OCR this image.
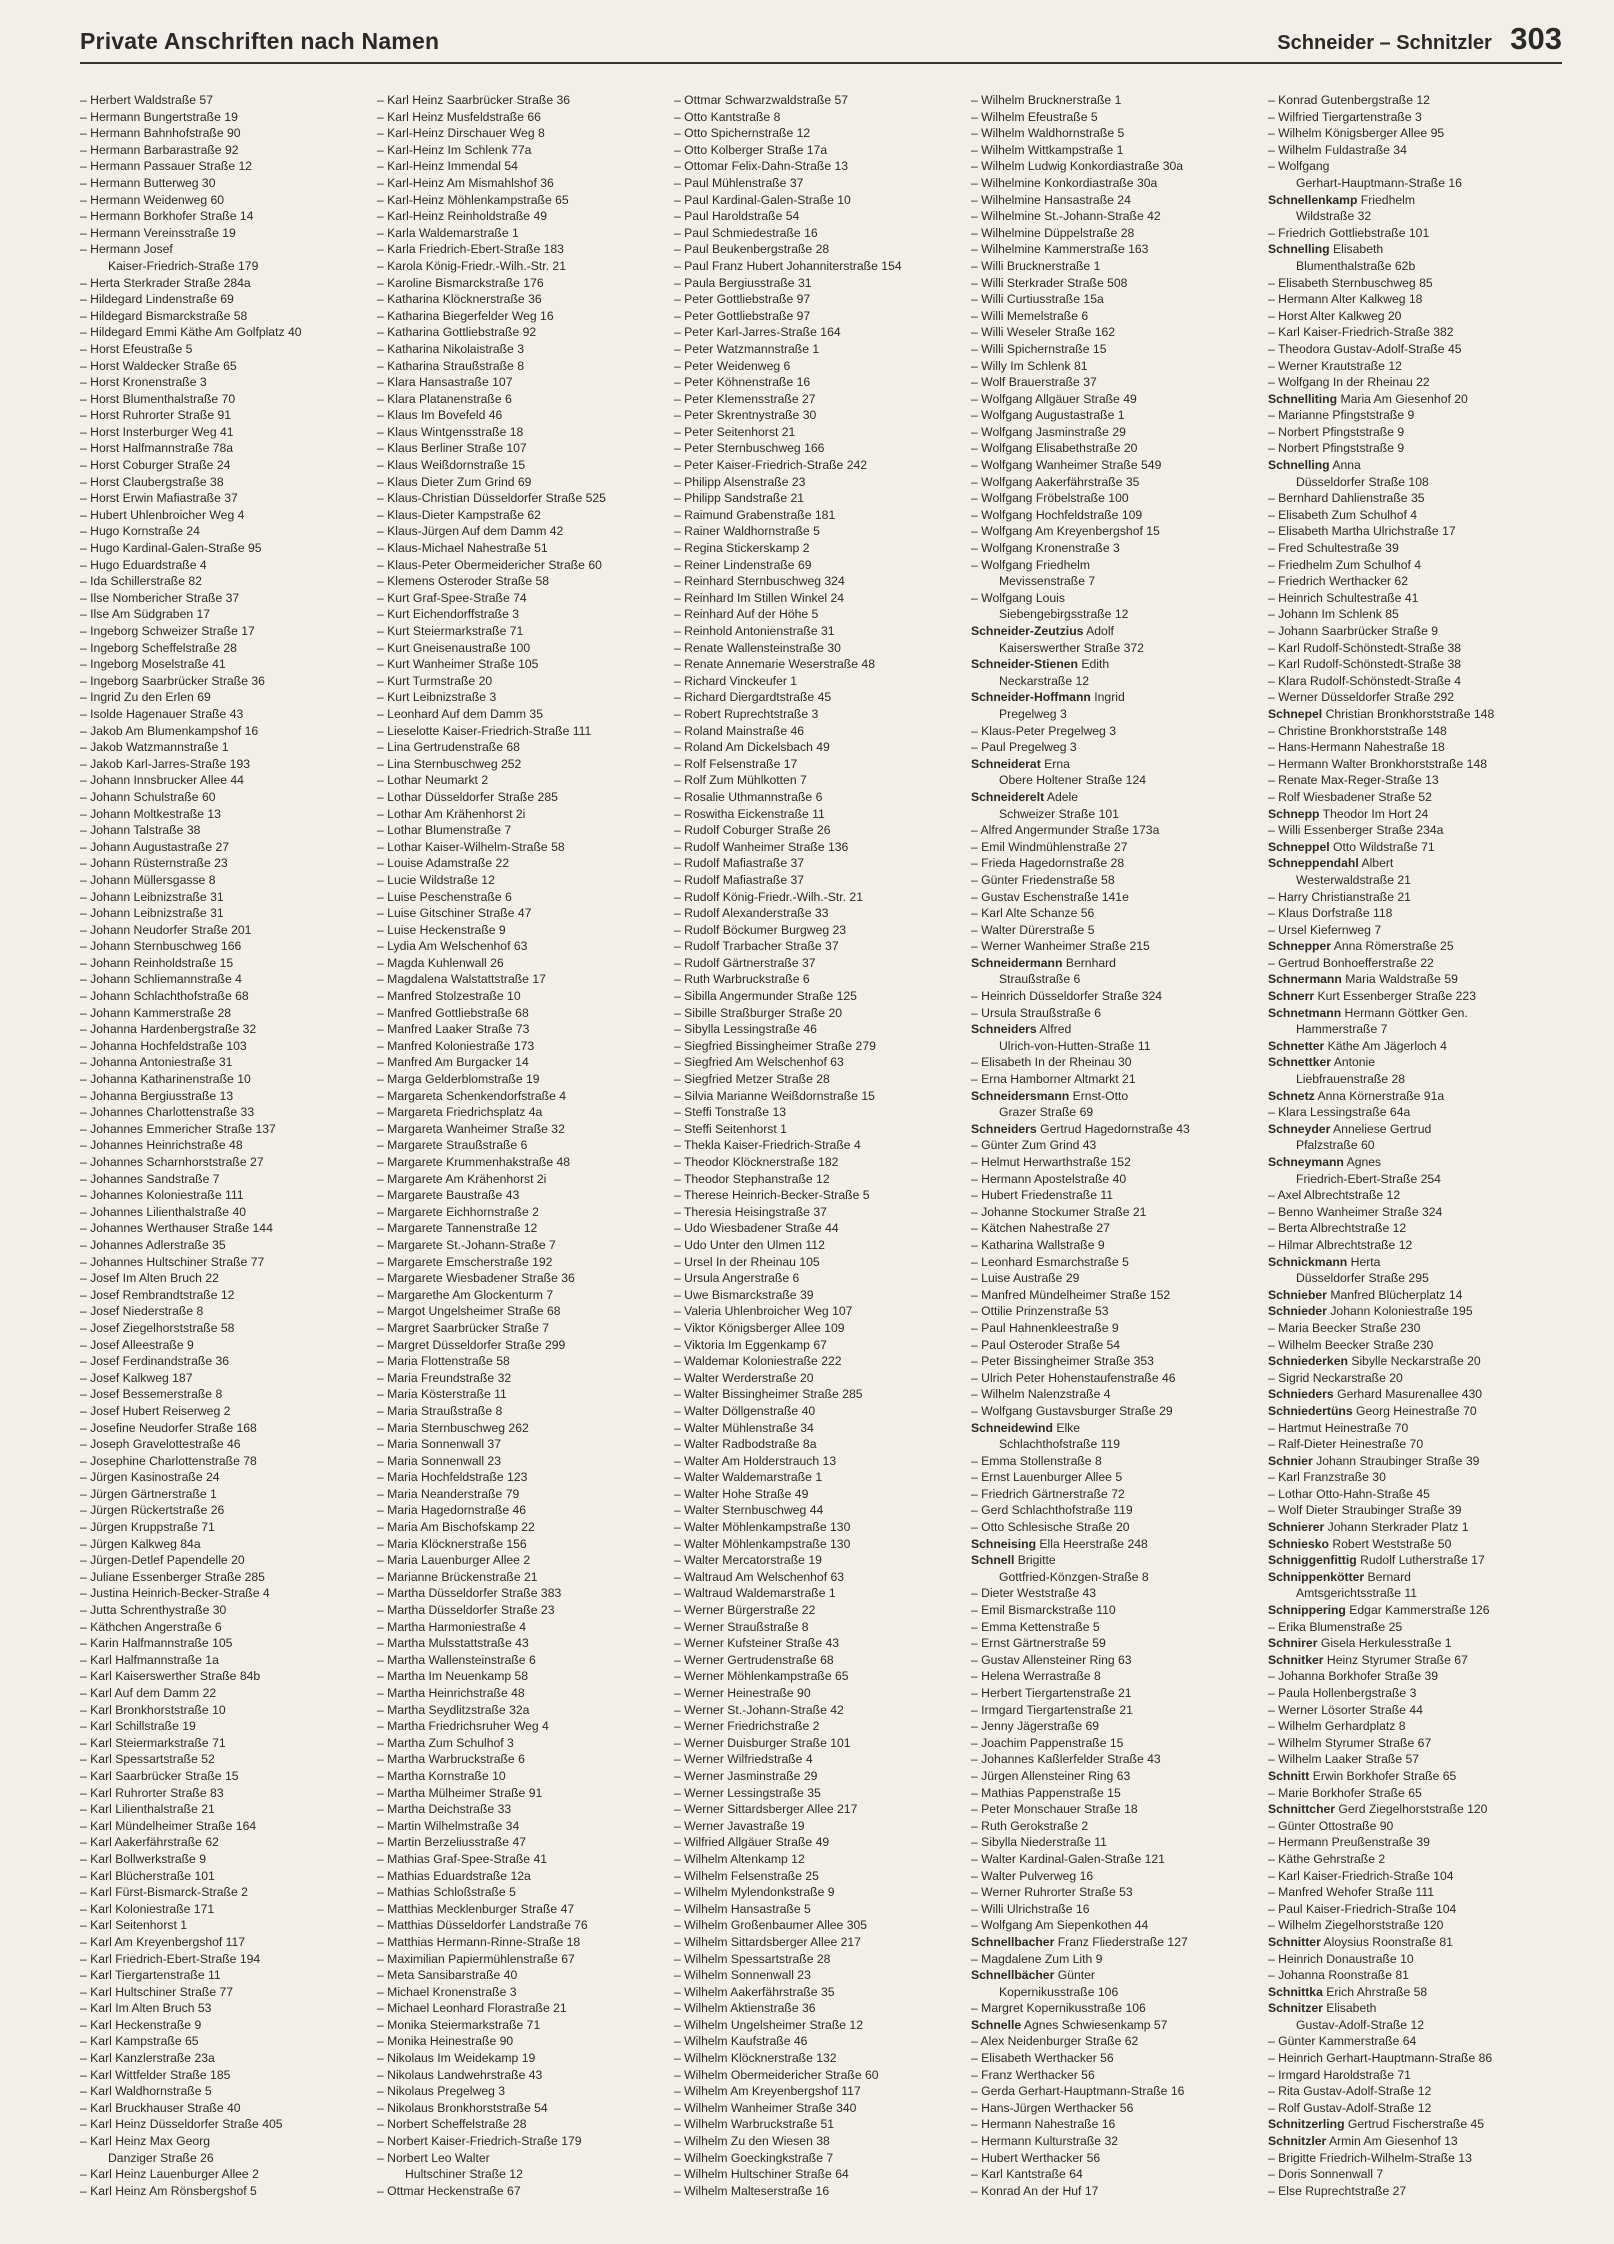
Private Anschriften nach Namen	Schneider – Schnitzler 303
– Herbert Waldstraße 57
– Hermann Bungertstraße 19
– Hermann Bahnhofstraße 90
– Hermann Barbarastraße 92
– Hermann Passauer Straße 12
– Hermann Butterweg 30
– Hermann Weidenweg 60
– Hermann Borkhofer Straße 14
– Hermann Vereinsstraße 19
– Hermann Josef
Kaiser-Friedrich-Straße 179
– Herta Sterkrader Straße 284a
– Hildegard Lindenstraße 69
– Hildegard Bismarckstraße 58
– Hildegard Emmi Käthe Am Golfplatz 40
– Horst Efeustraße 5
– Horst Waldecker Straße 65
– Horst Kronenstraße 3
– Horst Blumenthalstraße 70
– Horst Ruhrorter Straße 91
– Horst Insterburger Weg 41
– Horst Halfmannstraße 78a
– Horst Coburger Straße 24
– Horst Claubergstraße 38
– Horst Erwin Mafiastraße 37
– Hubert Uhlenbroicher Weg 4
– Hugo Kornstraße 24
– Hugo Kardinal-Galen-Straße 95
– Hugo Eduardstraße 4
– Ida Schillerstraße 82
– Ilse Nombericher Straße 37
– Ilse Am Südgraben 17
– Ingeborg Schweizer Straße 17
– Ingeborg Scheffelstraße 28
– Ingeborg Moselstraße 41
– Ingeborg Saarbrücker Straße 36
– Ingrid Zu den Erlen 69
– Isolde Hagenauer Straße 43
– Jakob Am Blumenkampshof 16
– Jakob Watzmannstraße 1
– Jakob Karl-Jarres-Straße 193
– Johann Innsbrucker Allee 44
– Johann Schulstraße 60
– Johann Moltkestraße 13
– Johann Talstraße 38
– Johann Augustastraße 27
– Johann Rüsternstraße 23
– Johann Müllersgasse 8
– Johann Leibnizstraße 31
– Johann Leibnizstraße 31
– Johann Neudorfer Straße 201
– Johann Sternbuschweg 166
– Johann Reinholdstraße 15
– Johann Schliemannstraße 4
– Johann Schlachthofstraße 68
– Johann Kammerstraße 28
– Johanna Hardenbergstraße 32
– Johanna Hochfeldstraße 103
– Johanna Antoniestraße 31
– Johanna Katharinenstraße 10
– Johanna Bergiusstraße 13
– Johannes Charlottenstraße 33
– Johannes Emmericher Straße 137
– Johannes Heinrichstraße 48
– Johannes Scharnhorststraße 27
– Johannes Sandstraße 7
– Johannes Koloniestraße 111
– Johannes Lilienthalstraße 40
– Johannes Werthauser Straße 144
– Johannes Adlerstraße 35
– Johannes Hultschiner Straße 77
– Josef Im Alten Bruch 22
– Josef Rembrandtstraße 12
– Josef Niederstraße 8
– Josef Ziegelhorststraße 58
– Josef Alleestraße 9
– Josef Ferdinandstraße 36
– Josef Kalkweg 187
– Josef Bessemerstraße 8
– Josef Hubert Reiserweg 2
– Josefine Neudorfer Straße 168
– Joseph Gravelottestraße 46
– Josephine Charlottenstraße 78
– Jürgen Kasinostraße 24
– Jürgen Gärtnerstraße 1
– Jürgen Rückertstraße 26
– Jürgen Kruppstraße 71
– Jürgen Kalkweg 84a
– Jürgen-Detlef Papendelle 20
– Juliane Essenberger Straße 285
– Justina Heinrich-Becker-Straße 4
– Jutta Schrenthystraße 30
– Käthchen Angerstraße 6
– Karin Halfmannstraße 105
– Karl Halfmannstraße 1a
– Karl Kaiserswerther Straße 84b
– Karl Auf dem Damm 22
– Karl Bronkhorststraße 10
– Karl Schillstraße 19
– Karl Steiermarkstraße 71
– Karl Spessartstraße 52
– Karl Saarbrücker Straße 15
– Karl Ruhrorter Straße 83
– Karl Lilienthalstraße 21
– Karl Mündelheimer Straße 164
– Karl Aakerfährstraße 62
– Karl Bollwerkstraße 9
– Karl Blücherstraße 101
– Karl Fürst-Bismarck-Straße 2
– Karl Koloniestraße 171
– Karl Seitenhorst 1
– Karl Am Kreyenbergshof 117
– Karl Friedrich-Ebert-Straße 194
– Karl Tiergartenstraße 11
– Karl Hultschiner Straße 77
– Karl Im Alten Bruch 53
– Karl Heckenstraße 9
– Karl Kampstraße 65
– Karl Kanzlerstraße 23a
– Karl Wittfelder Straße 185
– Karl Waldhornstraße 5
– Karl Bruckhauser Straße 40
– Karl Heinz Düsseldorfer Straße 405
– Karl Heinz Max Georg
Danziger Straße 26
– Karl Heinz Lauenburger Allee 2
– Karl Heinz Am Rönsbergshof 5
– Karl Heinz Saarbrücker Straße 36
– Karl Heinz Musfeldstraße 66
– Karl-Heinz Dirschauer Weg 8
– Karl-Heinz Im Schlenk 77a
– Karl-Heinz Immendal 54
– Karl-Heinz Am Mismahlshof 36
– Karl-Heinz Möhlenkampstraße 65
– Karl-Heinz Reinholdstraße 49
– Karla Waldemarstraße 1
– Karla Friedrich-Ebert-Straße 183
– Karola König-Friedr.-Wilh.-Str. 21
– Karoline Bismarckstraße 176
– Katharina Klöcknerstraße 36
– Katharina Biegerfelder Weg 16
– Katharina Gottliebstraße 92
– Katharina Nikolaistraße 3
– Katharina Straußstraße 8
– Klara Hansastraße 107
– Klara Platanenstraße 6
– Klaus Im Bovefeld 46
– Klaus Wintgensstraße 18
– Klaus Berliner Straße 107
– Klaus Weißdornstraße 15
– Klaus Dieter Zum Grind 69
– Klaus-Christian Düsseldorfer Straße 525
– Klaus-Dieter Kampstraße 62
– Klaus-Jürgen Auf dem Damm 42
– Klaus-Michael Nahestraße 51
– Klaus-Peter Obermeidericher Straße 60
– Klemens Osteroder Straße 58
– Kurt Graf-Spee-Straße 74
– Kurt Eichendorffstraße 3
– Kurt Steiermarkstraße 71
– Kurt Gneisenaustraße 100
– Kurt Wanheimer Straße 105
– Kurt Turmstraße 20
– Kurt Leibnizstraße 3
– Leonhard Auf dem Damm 35
– Lieselotte Kaiser-Friedrich-Straße 111
– Lina Gertrudenstraße 68
– Lina Sternbuschweg 252
– Lothar Neumarkt 2
– Lothar Düsseldorfer Straße 285
– Lothar Am Krähenhorst 2i
– Lothar Blumenstraße 7
– Lothar Kaiser-Wilhelm-Straße 58
– Louise Adamstraße 22
– Lucie Wildstraße 12
– Luise Peschenstraße 6
– Luise Gitschiner Straße 47
– Luise Heckenstraße 9
– Lydia Am Welschenhof 63
– Magda Kuhlenwall 26
– Magdalena Walstattstraße 17
– Manfred Stolzestraße 10
– Manfred Gottliebstraße 68
– Manfred Laaker Straße 73
– Manfred Koloniestraße 173
– Manfred Am Burgacker 14
– Marga Gelderblomstraße 19
– Margareta Schenkendorfstraße 4
– Margareta Friedrichsplatz 4a
– Margareta Wanheimer Straße 32
– Margarete Straußstraße 6
– Margarete Krummenhakstraße 48
– Margarete Am Krähenhorst 2i
– Margarete Baustraße 43
– Margarete Eichhornstraße 2
– Margarete Tannenstraße 12
– Margarete St.-Johann-Straße 7
– Margarete Emscherstraße 192
– Margarete Wiesbadener Straße 36
– Margarethe Am Glockenturm 7
– Margot Ungelsheimer Straße 68
– Margret Saarbrücker Straße 7
– Margret Düsseldorfer Straße 299
– Maria Flottenstraße 58
– Maria Freundstraße 32
– Maria Kösterstraße 11
– Maria Straußstraße 8
– Maria Sternbuschweg 262
– Maria Sonnenwall 37
– Maria Sonnenwall 23
– Maria Hochfeldstraße 123
– Maria Neanderstraße 79
– Maria Hagedornstraße 46
– Maria Am Bischofskamp 22
– Maria Klöcknerstraße 156
– Maria Lauenburger Allee 2
– Marianne Brückenstraße 21
– Martha Düsseldorfer Straße 383
– Martha Düsseldorfer Straße 23
– Martha Harmoniestraße 4
– Martha Mulsstattstraße 43
– Martha Wallensteinstraße 6
– Martha Im Neuenkamp 58
– Martha Heinrichstraße 48
– Martha Seydlitzstraße 32a
– Martha Friedrichsruher Weg 4
– Martha Zum Schulhof 3
– Martha Warbruckstraße 6
– Martha Kornstraße 10
– Martha Mülheimer Straße 91
– Martha Deichstraße 33
– Martin Wilhelmstraße 34
– Martin Berzeliusstraße 47
– Mathias Graf-Spee-Straße 41
– Mathias Eduardstraße 12a
– Mathias Schloßstraße 5
– Matthias Mecklenburger Straße 47
– Matthias Düsseldorfer Landstraße 76
– Matthias Hermann-Rinne-Straße 18
– Maximilian Papiermühlenstraße 67
– Meta Sansibarstraße 40
– Michael Kronenstraße 3
– Michael Leonhard Florastraße 21
– Monika Steiermarkstraße 71
– Monika Heinestraße 90
– Nikolaus Im Weidekamp 19
– Nikolaus Landwehrstraße 43
– Nikolaus Pregelweg 3
– Nikolaus Bronkhorststraße 54
– Norbert Scheffelstraße 28
– Norbert Kaiser-Friedrich-Straße 179
– Norbert Leo Walter
Hultschiner Straße 12
– Ottmar Heckenstraße 67
– Ottmar Schwarzwaldstraße 57
– Otto Kantstraße 8
– Otto Spichernstraße 12
– Otto Kolberger Straße 17a
– Ottomar Felix-Dahn-Straße 13
– Paul Mühlenstraße 37
– Paul Kardinal-Galen-Straße 10
– Paul Haroldstraße 54
– Paul Schmiedestraße 16
– Paul Beukenbergstraße 28
– Paul Franz Hubert Johanniterstraße 154
– Paula Bergiusstraße 31
– Peter Gottliebstraße 97
– Peter Gottliebstraße 97
– Peter Karl-Jarres-Straße 164
– Peter Watzmannstraße 1
– Peter Weidenweg 6
– Peter Köhnenstraße 16
– Peter Klemensstraße 27
– Peter Skrentnystraße 30
– Peter Seitenhorst 21
– Peter Sternbuschweg 166
– Peter Kaiser-Friedrich-Straße 242
– Philipp Alsenstraße 23
– Philipp Sandstraße 21
– Raimund Grabenstraße 181
– Rainer Waldhornstraße 5
– Regina Stickerskamp 2
– Reiner Lindenstraße 69
– Reinhard Sternbuschweg 324
– Reinhard Im Stillen Winkel 24
– Reinhard Auf der Höhe 5
– Reinhold Antonienstraße 31
– Renate Wallensteinstraße 30
– Renate Annemarie Weserstraße 48
– Richard Vinckeufer 1
– Richard Diergardtstraße 45
– Robert Ruprechtstraße 3
– Roland Mainstraße 46
– Roland Am Dickelsbach 49
– Rolf Felsenstraße 17
– Rolf Zum Mühlkotten 7
– Rosalie Uthmannstraße 6
– Roswitha Eickenstraße 11
– Rudolf Coburger Straße 26
– Rudolf Wanheimer Straße 136
– Rudolf Mafiastraße 37
– Rudolf Mafiastraße 37
– Rudolf König-Friedr.-Wilh.-Str. 21
– Rudolf Alexanderstraße 33
– Rudolf Böckumer Burgweg 23
– Rudolf Trarbacher Straße 37
– Rudolf Gärtnerstraße 37
– Ruth Warbruckstraße 6
– Sibilla Angermunder Straße 125
– Sibille Straßburger Straße 20
– Sibylla Lessingstraße 46
– Siegfried Bissingheimer Straße 279
– Siegfried Am Welschenhof 63
– Siegfried Metzer Straße 28
– Silvia Marianne Weißdornstraße 15
– Steffi Tonstraße 13
– Steffi Seitenhorst 1
– Thekla Kaiser-Friedrich-Straße 4
– Theodor Klöcknerstraße 182
– Theodor Stephanstraße 12
– Therese Heinrich-Becker-Straße 5
– Theresia Heisingstraße 37
– Udo Wiesbadener Straße 44
– Udo Unter den Ulmen 112
– Ursel In der Rheinau 105
– Ursula Angerstraße 6
– Uwe Bismarckstraße 39
– Valeria Uhlenbroicher Weg 107
– Viktor Königsberger Allee 109
– Viktoria Im Eggenkamp 67
– Waldemar Koloniestraße 222
– Walter Werderstraße 20
– Walter Bissingheimer Straße 285
– Walter Döllgenstraße 40
– Walter Mühlenstraße 34
– Walter Radbodstraße 8a
– Walter Am Holderstrauch 13
– Walter Waldemarstraße 1
– Walter Hohe Straße 49
– Walter Sternbuschweg 44
– Walter Möhlenkampstraße 130
– Walter Möhlenkampstraße 130
– Walter Mercatorstraße 19
– Waltraud Am Welschenhof 63
– Waltraud Waldemarstraße 1
– Werner Bürgerstraße 22
– Werner Straußstraße 8
– Werner Kufsteiner Straße 43
– Werner Gertrudenstraße 68
– Werner Möhlenkampstraße 65
– Werner Heinestraße 90
– Werner St.-Johann-Straße 42
– Werner Friedrichstraße 2
– Werner Duisburger Straße 101
– Werner Wilfriedstraße 4
– Werner Jasminstraße 29
– Werner Lessingstraße 35
– Werner Sittardsberger Allee 217
– Werner Javastraße 19
– Wilfried Allgäuer Straße 49
– Wilhelm Altenkamp 12
– Wilhelm Felsenstraße 25
– Wilhelm Mylendonkstraße 9
– Wilhelm Hansastraße 5
– Wilhelm Großenbaumer Allee 305
– Wilhelm Sittardsberger Allee 217
– Wilhelm Spessartstraße 28
– Wilhelm Sonnenwall 23
– Wilhelm Aakerfährstraße 35
– Wilhelm Aktienstraße 36
– Wilhelm Ungelsheimer Straße 12
– Wilhelm Kaufstraße 46
– Wilhelm Klöcknerstraße 132
– Wilhelm Obermeidericher Straße 60
– Wilhelm Am Kreyenbergshof 117
– Wilhelm Wanheimer Straße 340
– Wilhelm Warbruckstraße 51
– Wilhelm Zu den Wiesen 38
– Wilhelm Goeckingkstraße 7
– Wilhelm Hultschiner Straße 64
– Wilhelm Malteserstraße 16
– Wilhelm Brucknerstraße 1
– Wilhelm Efeustraße 5
– Wilhelm Waldhornstraße 5
– Wilhelm Wittkampstraße 1
– Wilhelm Ludwig Konkordiastraße 30a
– Wilhelmine Konkordiastraße 30a
– Wilhelmine Hansastraße 24
– Wilhelmine St.-Johann-Straße 42
– Wilhelmine Düppelstraße 28
– Wilhelmine Kammerstraße 163
– Willi Brucknerstraße 1
– Willi Sterkrader Straße 508
– Willi Curtiusstraße 15a
– Willi Memelstraße 6
– Willi Weseler Straße 162
– Willi Spichernstraße 15
– Willy Im Schlenk 81
– Wolf Brauerstraße 37
– Wolfgang Allgäuer Straße 49
– Wolfgang Augustastraße 1
– Wolfgang Jasminstraße 29
– Wolfgang Elisabethstraße 20
– Wolfgang Wanheimer Straße 549
– Wolfgang Aakerfährstraße 35
– Wolfgang Fröbelstraße 100
– Wolfgang Hochfeldstraße 109
– Wolfgang Am Kreyenbergshof 15
– Wolfgang Kronenstraße 3
– Wolfgang Friedhelm
Mevissenstraße 7
– Wolfgang Louis
Siebengebirgsstraße 12
Schneider-Zeutzius Adolf
Kaiserswerther Straße 372
Schneider-Stienen Edith
Neckarstraße 12
Schneider-Hoffmann Ingrid
Pregelweg 3
– Klaus-Peter Pregelweg 3
– Paul Pregelweg 3
Schneiderat Erna
Obere Holtener Straße 124
Schneiderelt Adele
Schweizer Straße 101
– Alfred Angermunder Straße 173a
– Emil Windmühlenstraße 27
– Frieda Hagedornstraße 28
– Günter Friedenstraße 58
– Gustav Eschenstraße 141e
– Karl Alte Schanze 56
– Walter Dürerstraße 5
– Werner Wanheimer Straße 215
Schneidermann Bernhard
Straußstraße 6
– Heinrich Düsseldorfer Straße 324
– Ursula Straußstraße 6
Schneiders Alfred
Ulrich-von-Hutten-Straße 11
– Elisabeth In der Rheinau 30
– Erna Hamborner Altmarkt 21
Schneidersmann Ernst-Otto
Grazer Straße 69
Schneiders Gertrud Hagedornstraße 43
– Günter Zum Grind 43
– Helmut Herwarthstraße 152
– Hermann Apostelstraße 40
– Hubert Friedenstraße 11
– Johanne Stockumer Straße 21
– Kätchen Nahestraße 27
– Katharina Wallstraße 9
– Leonhard Esmarchstraße 5
– Luise Austraße 29
– Manfred Mündelheimer Straße 152
– Ottilie Prinzenstraße 53
– Paul Hahnenkleestraße 9
– Paul Osteroder Straße 54
– Peter Bissingheimer Straße 353
– Ulrich Peter Hohenstaufenstraße 46
– Wilhelm Nalenzstraße 4
– Wolfgang Gustavsburger Straße 29
Schneidewind Elke
Schlachthofstraße 119
– Emma Stollenstraße 8
– Ernst Lauenburger Allee 5
– Friedrich Gärtnerstraße 72
– Gerd Schlachthofstraße 119
– Otto Schlesische Straße 20
Schneising Ella Heerstraße 248
Schnell Brigitte
Gottfried-Könzgen-Straße 8
– Dieter Weststraße 43
– Emil Bismarckstraße 110
– Emma Kettenstraße 5
– Ernst Gärtnerstraße 59
– Gustav Allensteiner Ring 63
– Helena Werrastraße 8
– Herbert Tiergartenstraße 21
– Irmgard Tiergartenstraße 21
– Jenny Jägerstraße 69
– Joachim Pappenstraße 15
– Johannes Kaßlerfelder Straße 43
– Jürgen Allensteiner Ring 63
– Mathias Pappenstraße 15
– Peter Monschauer Straße 18
– Ruth Gerokstraße 2
– Sibylla Niederstraße 11
– Walter Kardinal-Galen-Straße 121
– Walter Pulverweg 16
– Werner Ruhrorter Straße 53
– Willi Ulrichstraße 16
– Wolfgang Am Siepenkothen 44
Schnellbacher Franz Fliederstraße 127
– Magdalene Zum Lith 9
Schnellbächer Günter
Kopernikusstraße 106
– Margret Kopernikusstraße 106
Schnelle Agnes Schwiesenkamp 57
– Alex Neidenburger Straße 62
– Elisabeth Werthacker 56
– Franz Werthacker 56
– Gerda Gerhart-Hauptmann-Straße 16
– Hans-Jürgen Werthacker 56
– Hermann Nahestraße 16
– Hermann Kulturstraße 32
– Hubert Werthacker 56
– Karl Kantstraße 64
– Konrad An der Huf 17
– Konrad Gutenbergstraße 12
– Wilfried Tiergartenstraße 3
– Wilhelm Königsberger Allee 95
– Wilhelm Fuldastraße 34
– Wolfgang
Gerhart-Hauptmann-Straße 16
Schnellenkamp Friedhelm
Wildstraße 32
– Friedrich Gottliebstraße 101
Schnelling Elisabeth
Blumenthalstraße 62b
– Elisabeth Sternbuschweg 85
– Hermann Alter Kalkweg 18
– Horst Alter Kalkweg 20
– Karl Kaiser-Friedrich-Straße 382
– Theodora Gustav-Adolf-Straße 45
– Werner Krautstraße 12
– Wolfgang In der Rheinau 22
Schnelliting Maria Am Giesenhof 20
– Marianne Pfingststraße 9
– Norbert Pfingststraße 9
– Norbert Pfingststraße 9
Schnelling Anna
Düsseldorfer Straße 108
– Bernhard Dahlienstraße 35
– Elisabeth Zum Schulhof 4
– Elisabeth Martha Ulrichstraße 17
– Fred Schultestraße 39
– Friedhelm Zum Schulhof 4
– Friedrich Werthacker 62
– Heinrich Schultestraße 41
– Johann Im Schlenk 85
– Johann Saarbrücker Straße 9
– Karl Rudolf-Schönstedt-Straße 38
– Karl Rudolf-Schönstedt-Straße 38
– Klara Rudolf-Schönstedt-Straße 4
– Werner Düsseldorfer Straße 292
Schnepel Christian Bronkhorststraße 148
– Christine Bronkhorststraße 148
– Hans-Hermann Nahestraße 18
– Hermann Walter Bronkhorststraße 148
– Renate Max-Reger-Straße 13
– Rolf Wiesbadener Straße 52
Schnepp Theodor Im Hort 24
– Willi Essenberger Straße 234a
Schneppel Otto Wildstraße 71
Schneppendahl Albert
Westerwaldstraße 21
– Harry Christianstraße 21
– Klaus Dorfstraße 118
– Ursel Kiefernweg 7
Schnepper Anna Römerstraße 25
– Gertrud Bonhoefferstraße 22
Schnermann Maria Waldstraße 59
Schnerr Kurt Essenberger Straße 223
Schnetmann Hermann Göttker Gen.
Hammerstraße 7
Schnetter Käthe Am Jägerloch 4
Schnettker Antonie
Liebfrauenstraße 28
Schnetz Anna Körnerstraße 91a
– Klara Lessingstraße 64a
Schneyder Anneliese Gertrud
Pfalzstraße 60
Schneymann Agnes
Friedrich-Ebert-Straße 254
– Axel Albrechtstraße 12
– Benno Wanheimer Straße 324
– Berta Albrechtstraße 12
– Hilmar Albrechtstraße 12
Schnickmann Herta
Düsseldorfer Straße 295
Schnieber Manfred Blücherplatz 14
Schnieder Johann Koloniestraße 195
– Maria Beecker Straße 230
– Wilhelm Beecker Straße 230
Schniederken Sibylle Neckarstraße 20
– Sigrid Neckarstraße 20
Schnieders Gerhard Masurenallee 430
Schniedertüns Georg Heinestraße 70
– Hartmut Heinestraße 70
– Ralf-Dieter Heinestraße 70
Schnier Johann Straubinger Straße 39
– Karl Franzstraße 30
– Lothar Otto-Hahn-Straße 45
– Wolf Dieter Straubinger Straße 39
Schnierer Johann Sterkrader Platz 1
Schniesko Robert Weststraße 50
Schniggenfittig Rudolf Lutherstraße 17
Schnippenkötter Bernard
Amtsgerichtsstraße 11
Schnippering Edgar Kammerstraße 126
– Erika Blumenstraße 25
Schnirer Gisela Herkulesstraße 1
Schnitker Heinz Styrumer Straße 67
– Johanna Borkhofer Straße 39
– Paula Hollenbergstraße 3
– Werner Lösorter Straße 44
– Wilhelm Gerhardplatz 8
– Wilhelm Styrumer Straße 67
– Wilhelm Laaker Straße 57
Schnitt Erwin Borkhofer Straße 65
– Marie Borkhofer Straße 65
Schnittcher Gerd Ziegelhorststraße 120
– Günter Ottostraße 90
– Hermann Preußenstraße 39
– Käthe Gehrstraße 2
– Karl Kaiser-Friedrich-Straße 104
– Manfred Wehofer Straße 111
– Paul Kaiser-Friedrich-Straße 104
– Wilhelm Ziegelhorststraße 120
Schnitter Aloysius Roonstraße 81
– Heinrich Donaustraße 10
– Johanna Roonstraße 81
Schnittka Erich Ahrstraße 58
Schnitzer Elisabeth
Gustav-Adolf-Straße 12
– Günter Kammerstraße 64
– Heinrich Gerhart-Hauptmann-Straße 86
– Irmgard Haroldstraße 71
– Rita Gustav-Adolf-Straße 12
– Rolf Gustav-Adolf-Straße 12
Schnitzerling Gertrud Fischerstraße 45
Schnitzler Armin Am Giesenhof 13
– Brigitte Friedrich-Wilhelm-Straße 13
– Doris Sonnenwall 7
– Else Ruprechtstraße 27
